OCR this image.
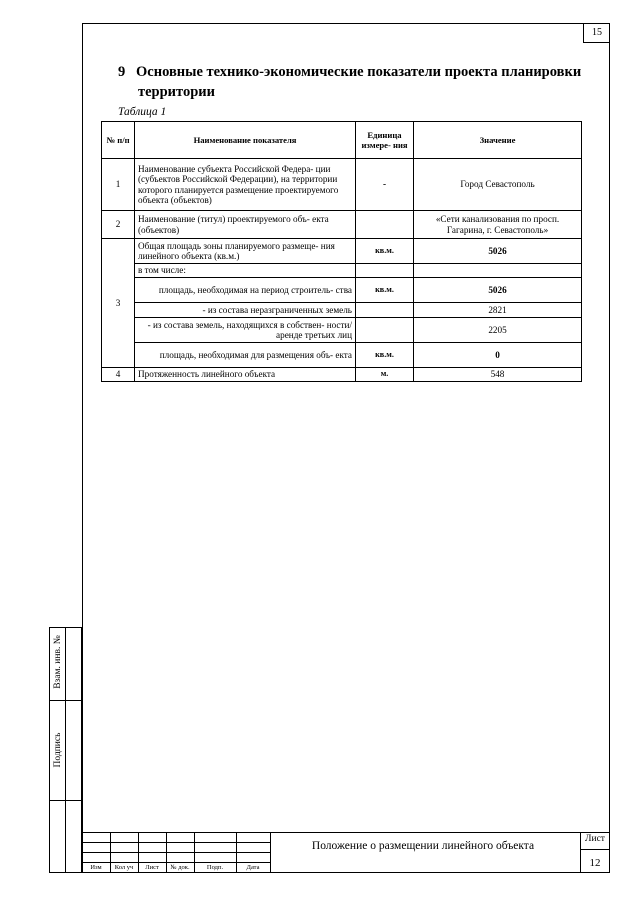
15
9 Основные технико-экономические показатели проекта планировки
территории
Таблица 1
№ п/п	Наименование показателя	Единица измере- ния	Значение
1	Наименование субъекта Российской Федера- ции (субъектов Российской Федерации), на территории которого планируется размещение проектируемого объекта (объектов)	-	Город Севастополь
2	Наименование (титул) проектируемого объ- екта (объектов)		«Сети канализования по просп. Гагарина, г. Севастополь»
3	Общая площадь зоны планируемого размеще- ния линейного объекта (кв.м.)	кв.м.	5026
	в том числе:		
	площадь, необходимая на период строитель- ства	кв.м.	5026
	- из состава неразграниченных земель		2821
	- из состава земель, находящихся в собствен- ности/аренде третьих лиц		2205
	площадь, необходимая для размещения объ- екта	кв.м.	0
4	Протяженность линейного объекта	м.	548
Взам. инв. №
Подпись
Изм	Кол уч	Лист	№ док.	Подп.	Дата
Положение о размещении линейного объекта
Лист
12
